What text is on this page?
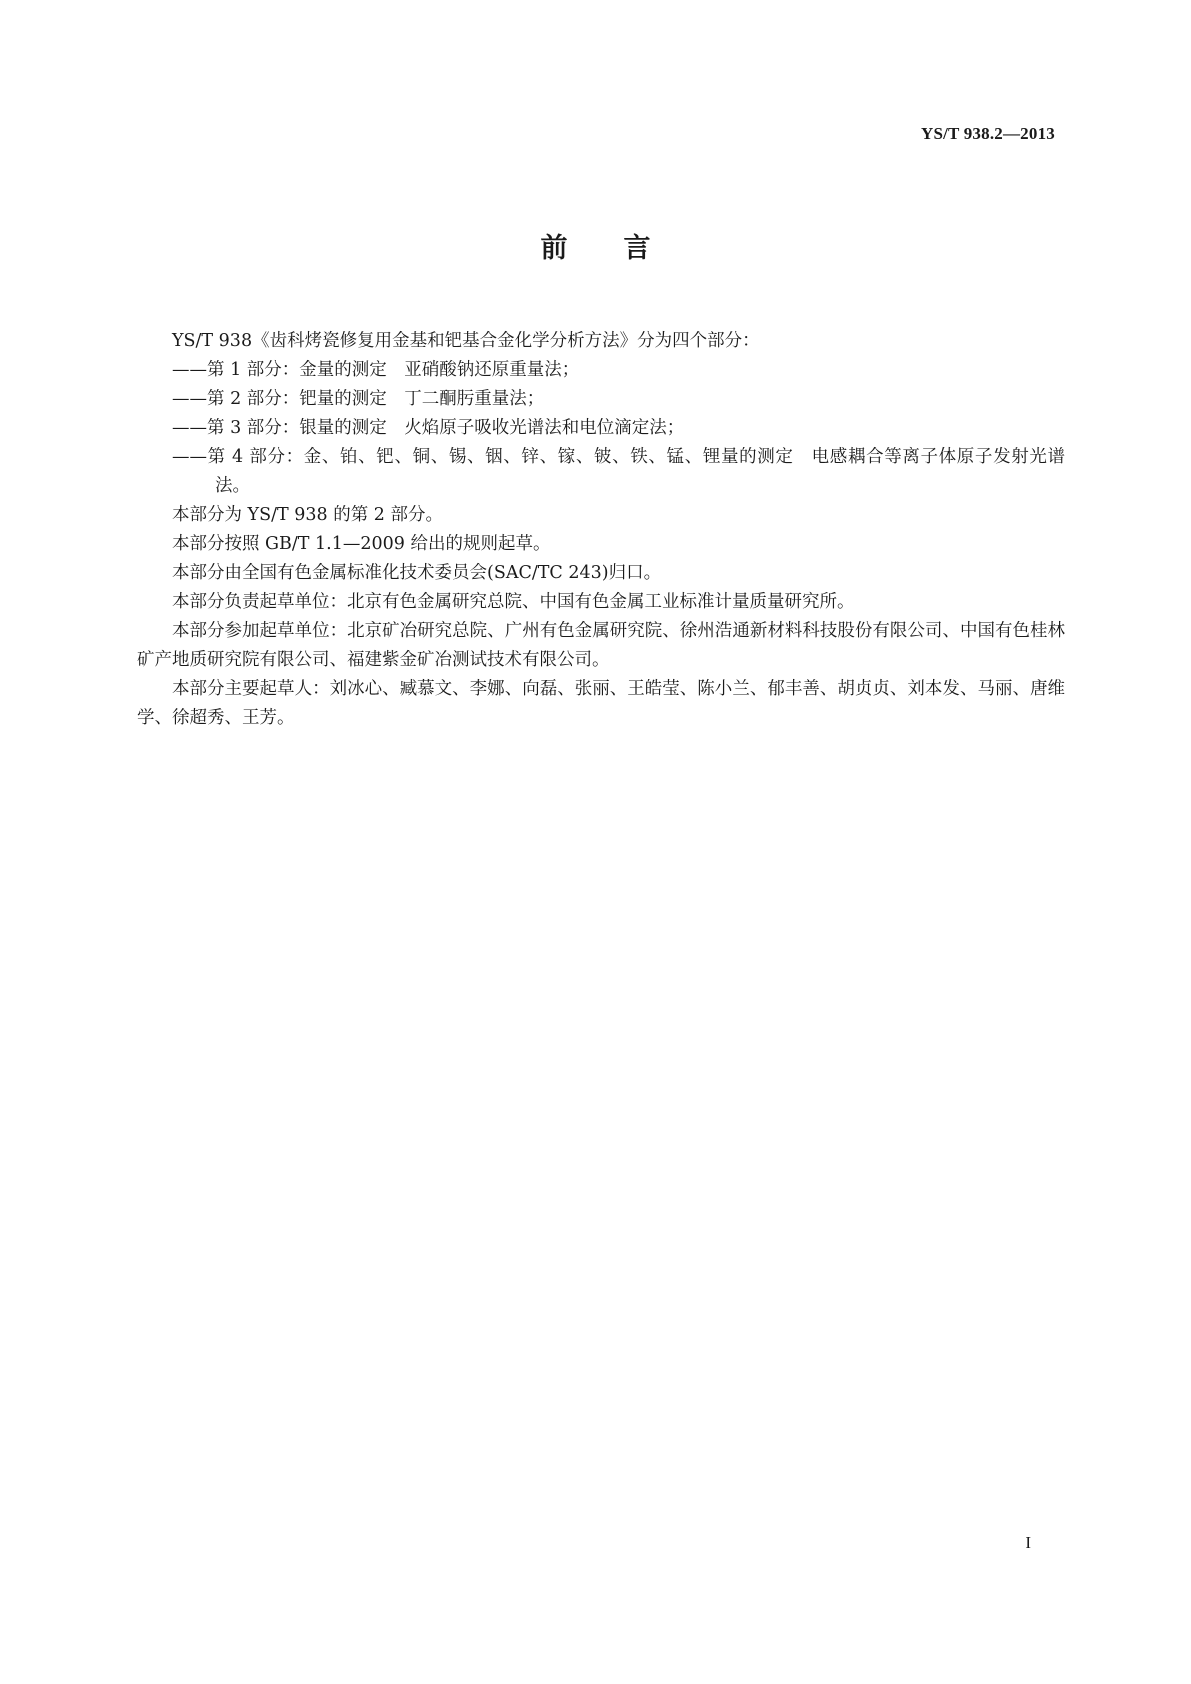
YS/T 938.2—2013
前言

YS/T 938《齿科烤瓷修复用金基和钯基合金化学分析方法》分为四个部分：

——第 1 部分：金量的测定　亚硝酸钠还原重量法；

——第 2 部分：钯量的测定　丁二酮肟重量法；

——第 3 部分：银量的测定　火焰原子吸收光谱法和电位滴定法；

——第 4 部分：金、铂、钯、铜、锡、铟、锌、镓、铍、铁、锰、锂量的测定　电感耦合等离子体原子发射光谱法。

本部分为 YS/T 938 的第 2 部分。

本部分按照 GB/T 1.1—2009 给出的规则起草。

本部分由全国有色金属标准化技术委员会(SAC/TC 243)归口。

本部分负责起草单位：北京有色金属研究总院、中国有色金属工业标准计量质量研究所。

本部分参加起草单位：北京矿冶研究总院、广州有色金属研究院、徐州浩通新材料科技股份有限公司、中国有色桂林矿产地质研究院有限公司、福建紫金矿冶测试技术有限公司。

本部分主要起草人：刘冰心、臧慕文、李娜、向磊、张丽、王皓莹、陈小兰、郁丰善、胡贞贞、刘本发、马丽、唐维学、徐超秀、王芳。

I
